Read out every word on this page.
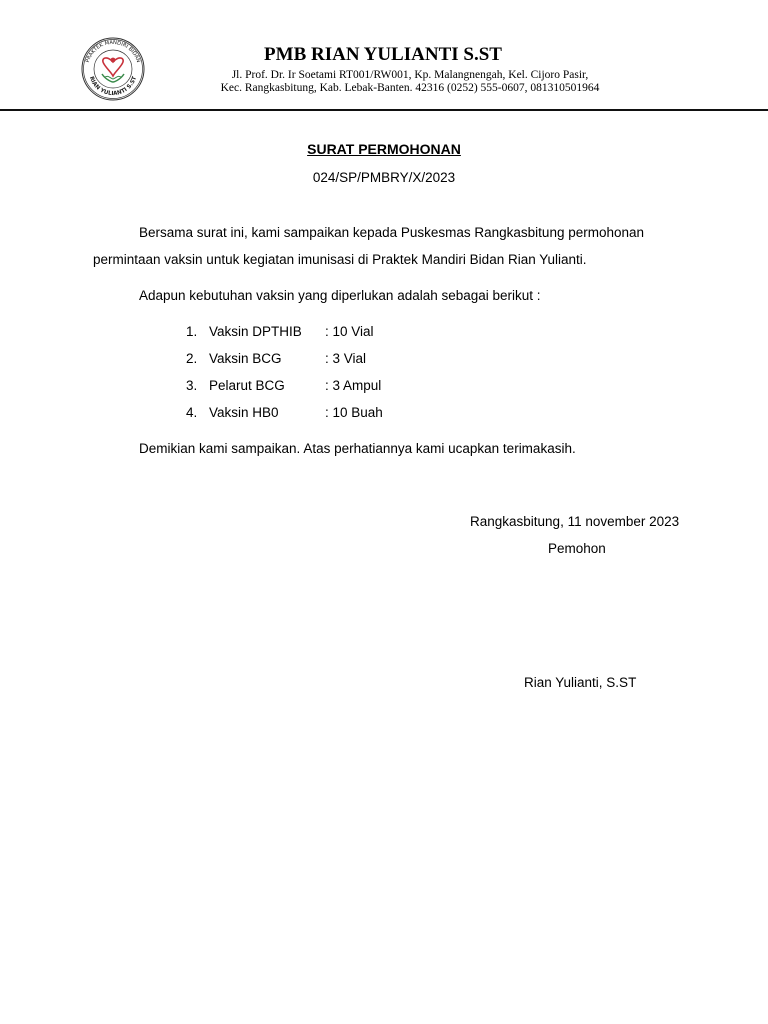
PRAKTEK MANDIRI BIDAN
RIAN YULIANTI S.ST
PMB RIAN YULIANTI S.ST
Jl. Prof. Dr. Ir Soetami RT001/RW001, Kp. Malangnengah, Kel. Cijoro Pasir,
Kec. Rangkasbitung, Kab. Lebak-Banten. 42316 (0252) 555-0607, 081310501964
SURAT PERMOHONAN
024/SP/PMBRY/X/2023
Bersama surat ini, kami sampaikan kepada Puskesmas Rangkasbitung permohonan
permintaan vaksin untuk kegiatan imunisasi di Praktek Mandiri Bidan Rian Yulianti.
Adapun kebutuhan vaksin yang diperlukan adalah sebagai berikut :
1. Vaksin DPTHIB : 10 Vial
2. Vaksin BCG	: 3 Vial
3. Pelarut BCG	: 3 Ampul
4. Vaksin HB0	: 10 Buah
Demikian kami sampaikan. Atas perhatiannya kami ucapkan terimakasih.
Rangkasbitung, 11 november 2023
Pemohon
Rian Yulianti, S.ST
